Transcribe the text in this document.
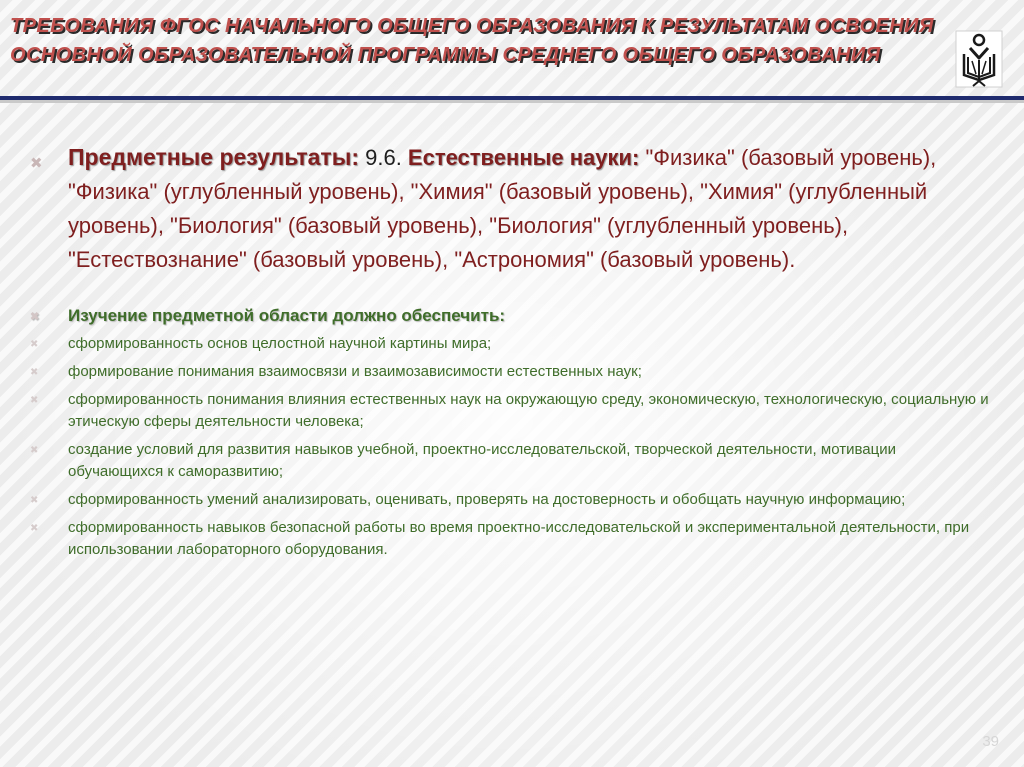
ТРЕБОВАНИЯ ФГОС НАЧАЛЬНОГО ОБЩЕГО ОБРАЗОВАНИЯ К РЕЗУЛЬТАТАМ ОСВОЕНИЯ ОСНОВНОЙ ОБРАЗОВАТЕЛЬНОЙ ПРОГРАММЫ СРЕДНЕГО ОБЩЕГО ОБРАЗОВАНИЯ
✖ Предметные результаты: 9.6. Естественные науки: "Физика" (базовый уровень), "Физика" (углубленный уровень), "Химия" (базовый уровень), "Химия" (углубленный уровень), "Биология" (базовый уровень), "Биология" (углубленный уровень), "Естествознание" (базовый уровень), "Астрономия" (базовый уровень).
✖ Изучение предметной области должно обеспечить:
✖ сформированность основ целостной научной картины мира;
✖ формирование понимания взаимосвязи и взаимозависимости естественных наук;
✖ сформированность понимания влияния естественных наук на окружающую среду, экономическую, технологическую, социальную и этическую сферы деятельности человека;
✖ создание условий для развития навыков учебной, проектно-исследовательской, творческой деятельности, мотивации обучающихся к саморазвитию;
✖ сформированность умений анализировать, оценивать, проверять на достоверность и обобщать научную информацию;
✖ сформированность навыков безопасной работы во время проектно-исследовательской и экспериментальной деятельности, при использовании лабораторного оборудования.
39
